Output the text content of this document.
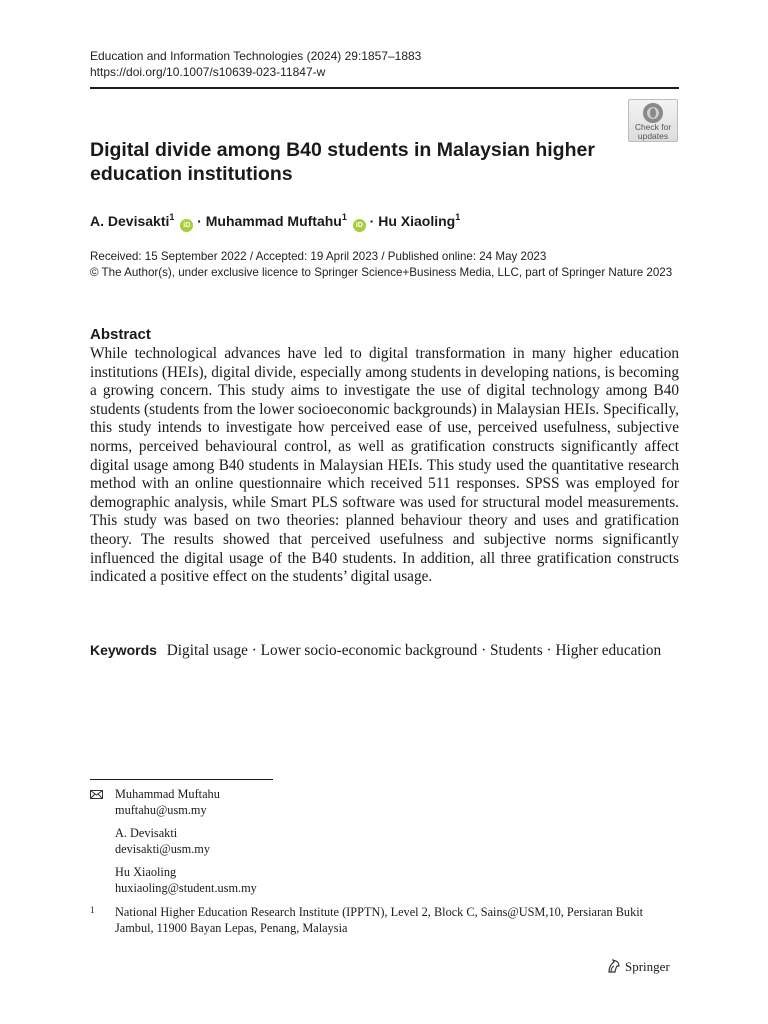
Education and Information Technologies (2024) 29:1857–1883
https://doi.org/10.1007/s10639-023-11847-w
Check for
updates
Digital divide among B40 students in Malaysian higher education institutions
A. Devisakti$^1$ iD · Muhammad Muftahu$^1$ iD · Hu Xiaoling$^1$
Received: 15 September 2022 / Accepted: 19 April 2023 / Published online: 24 May 2023
© The Author(s), under exclusive licence to Springer Science+Business Media, LLC, part of Springer Nature 2023
Abstract

While technological advances have led to digital transformation in many higher education institutions (HEIs), digital divide, especially among students in developing nations, is becoming a growing concern. This study aims to investigate the use of digital technology among B40 students (students from the lower socioeconomic backgrounds) in Malaysian HEIs. Specifically, this study intends to investigate how perceived ease of use, perceived usefulness, subjective norms, perceived behavioural control, as well as gratification constructs significantly affect digital usage among B40 students in Malaysian HEIs. This study used the quantitative research method with an online questionnaire which received 511 responses. SPSS was employed for demographic analysis, while Smart PLS software was used for structural model measurements. This study was based on two theories: planned behaviour theory and uses and gratification theory. The results showed that perceived usefulness and subjective norms significantly influenced the digital usage of the B40 students. In addition, all three gratification constructs indicated a positive effect on the students’ digital usage.

Keywords Digital usage · Lower socio-economic background · Students · Higher education
Muhammad Muftahu
muftahu@usm.my
A. Devisakti
devisakti@usm.my
Hu Xiaoling
huxiaoling@student.usm.my
1	National Higher Education Research Institute (IPPTN), Level 2, Block C, Sains@USM,10, Persiaran Bukit Jambul, 11900 Bayan Lepas, Penang, Malaysia
Springer
